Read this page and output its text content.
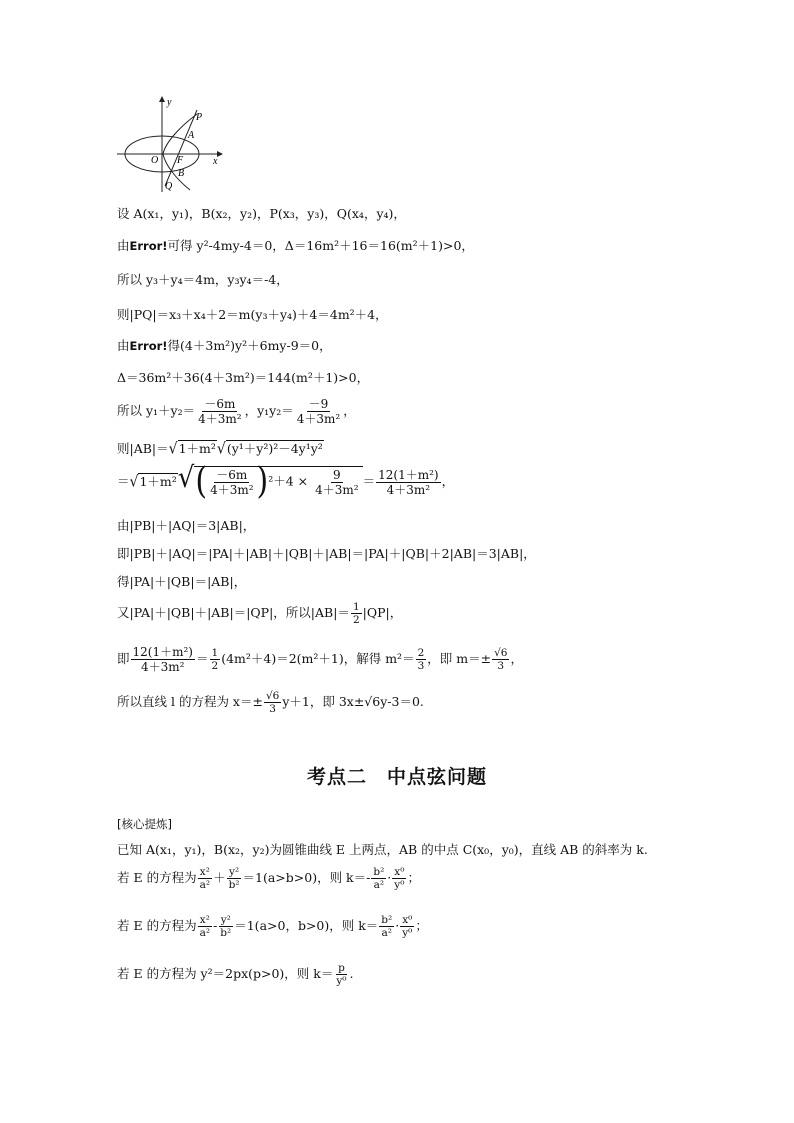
y
x
O F
P
A
B
Q
设 A(x₁，y₁)，B(x₂，y₂)，P(x₃，y₃)，Q(x₄，y₄)，
由Error!可得 y²-4my-4＝0，Δ＝16m²＋16＝16(m²＋1)>0，
所以 y₃＋y₄＝4m，y₃y₄＝-4，
则|PQ|＝x₃＋x₄＋2＝m(y₃＋y₄)＋4＝4m²＋4，
由Error!得(4＋3m²)y²＋6my-9＝0，
Δ＝36m²＋36(4＋3m²)＝144(m²＋1)>0，
所以 $y_1+y_2= \frac{-6m}{\text{4＋3m²}}$ ，$y_1y_2= \frac{-9}{\text{4＋3m²}}$ ，
则|AB|＝√1＋m²√(y¹＋y²)²－4y¹y²
$=√1+m^2√( \frac{-6m}{\text{4＋3m²}} )^2+4 \times \frac{9}{\text{4＋3m²}} = \frac{\text{12(1＋m²)}}{\text{4＋3m²}}$ ，
由|PB|＋|AQ|＝3|AB|，
即|PB|＋|AQ|＝|PA|＋|AB|＋|QB|＋|AB|＝|PA|＋|QB|＋2|AB|＝3|AB|，
得|PA|＋|QB|＝|AB|，
又|PA|＋|QB|＋|AB|＝|QP|，所以$|AB|= \frac{1}{2} |QP|$，
即 $\frac{\text{12(1＋m²)}}{\text{4＋3m²}} = \frac{1}{2} (4m^2+4)=2(m^2+1)$，解得 $m^2= \frac{2}{3}$ ，即 $m=\pm \frac{√6}{3}$ ，
所以直线 l 的方程为 $x=\pm \frac{√6}{3} y+1$，即 3x±√6y-3＝0.
考点二　中点弦问题
[核心提炼]
已知 A(x₁，y₁)，B(x₂，y₂)为圆锥曲线 E 上两点，AB 的中点 C(x₀，y₀)，直线 AB 的斜率为 k.
若 E 的方程为 $\frac{\text{x²}}{\text{a²}} + \frac{\text{y²}}{\text{b²}} =1(a>b>0)$，则 $k=- \frac{\text{b²}}{\text{a²}} \cdot \frac{\text{x⁰}}{\text{y⁰}}$ ；
若 E 的方程为 $\frac{\text{x²}}{\text{a²}} - \frac{\text{y²}}{\text{b²}} =1(a>0$，b>0)，则 $k= \frac{\text{b²}}{\text{a²}} \cdot \frac{\text{x⁰}}{\text{y⁰}}$ ；
若 E 的方程为 y²＝2px(p>0)，则 $k= \frac{p}{\text{y⁰}}$ .
